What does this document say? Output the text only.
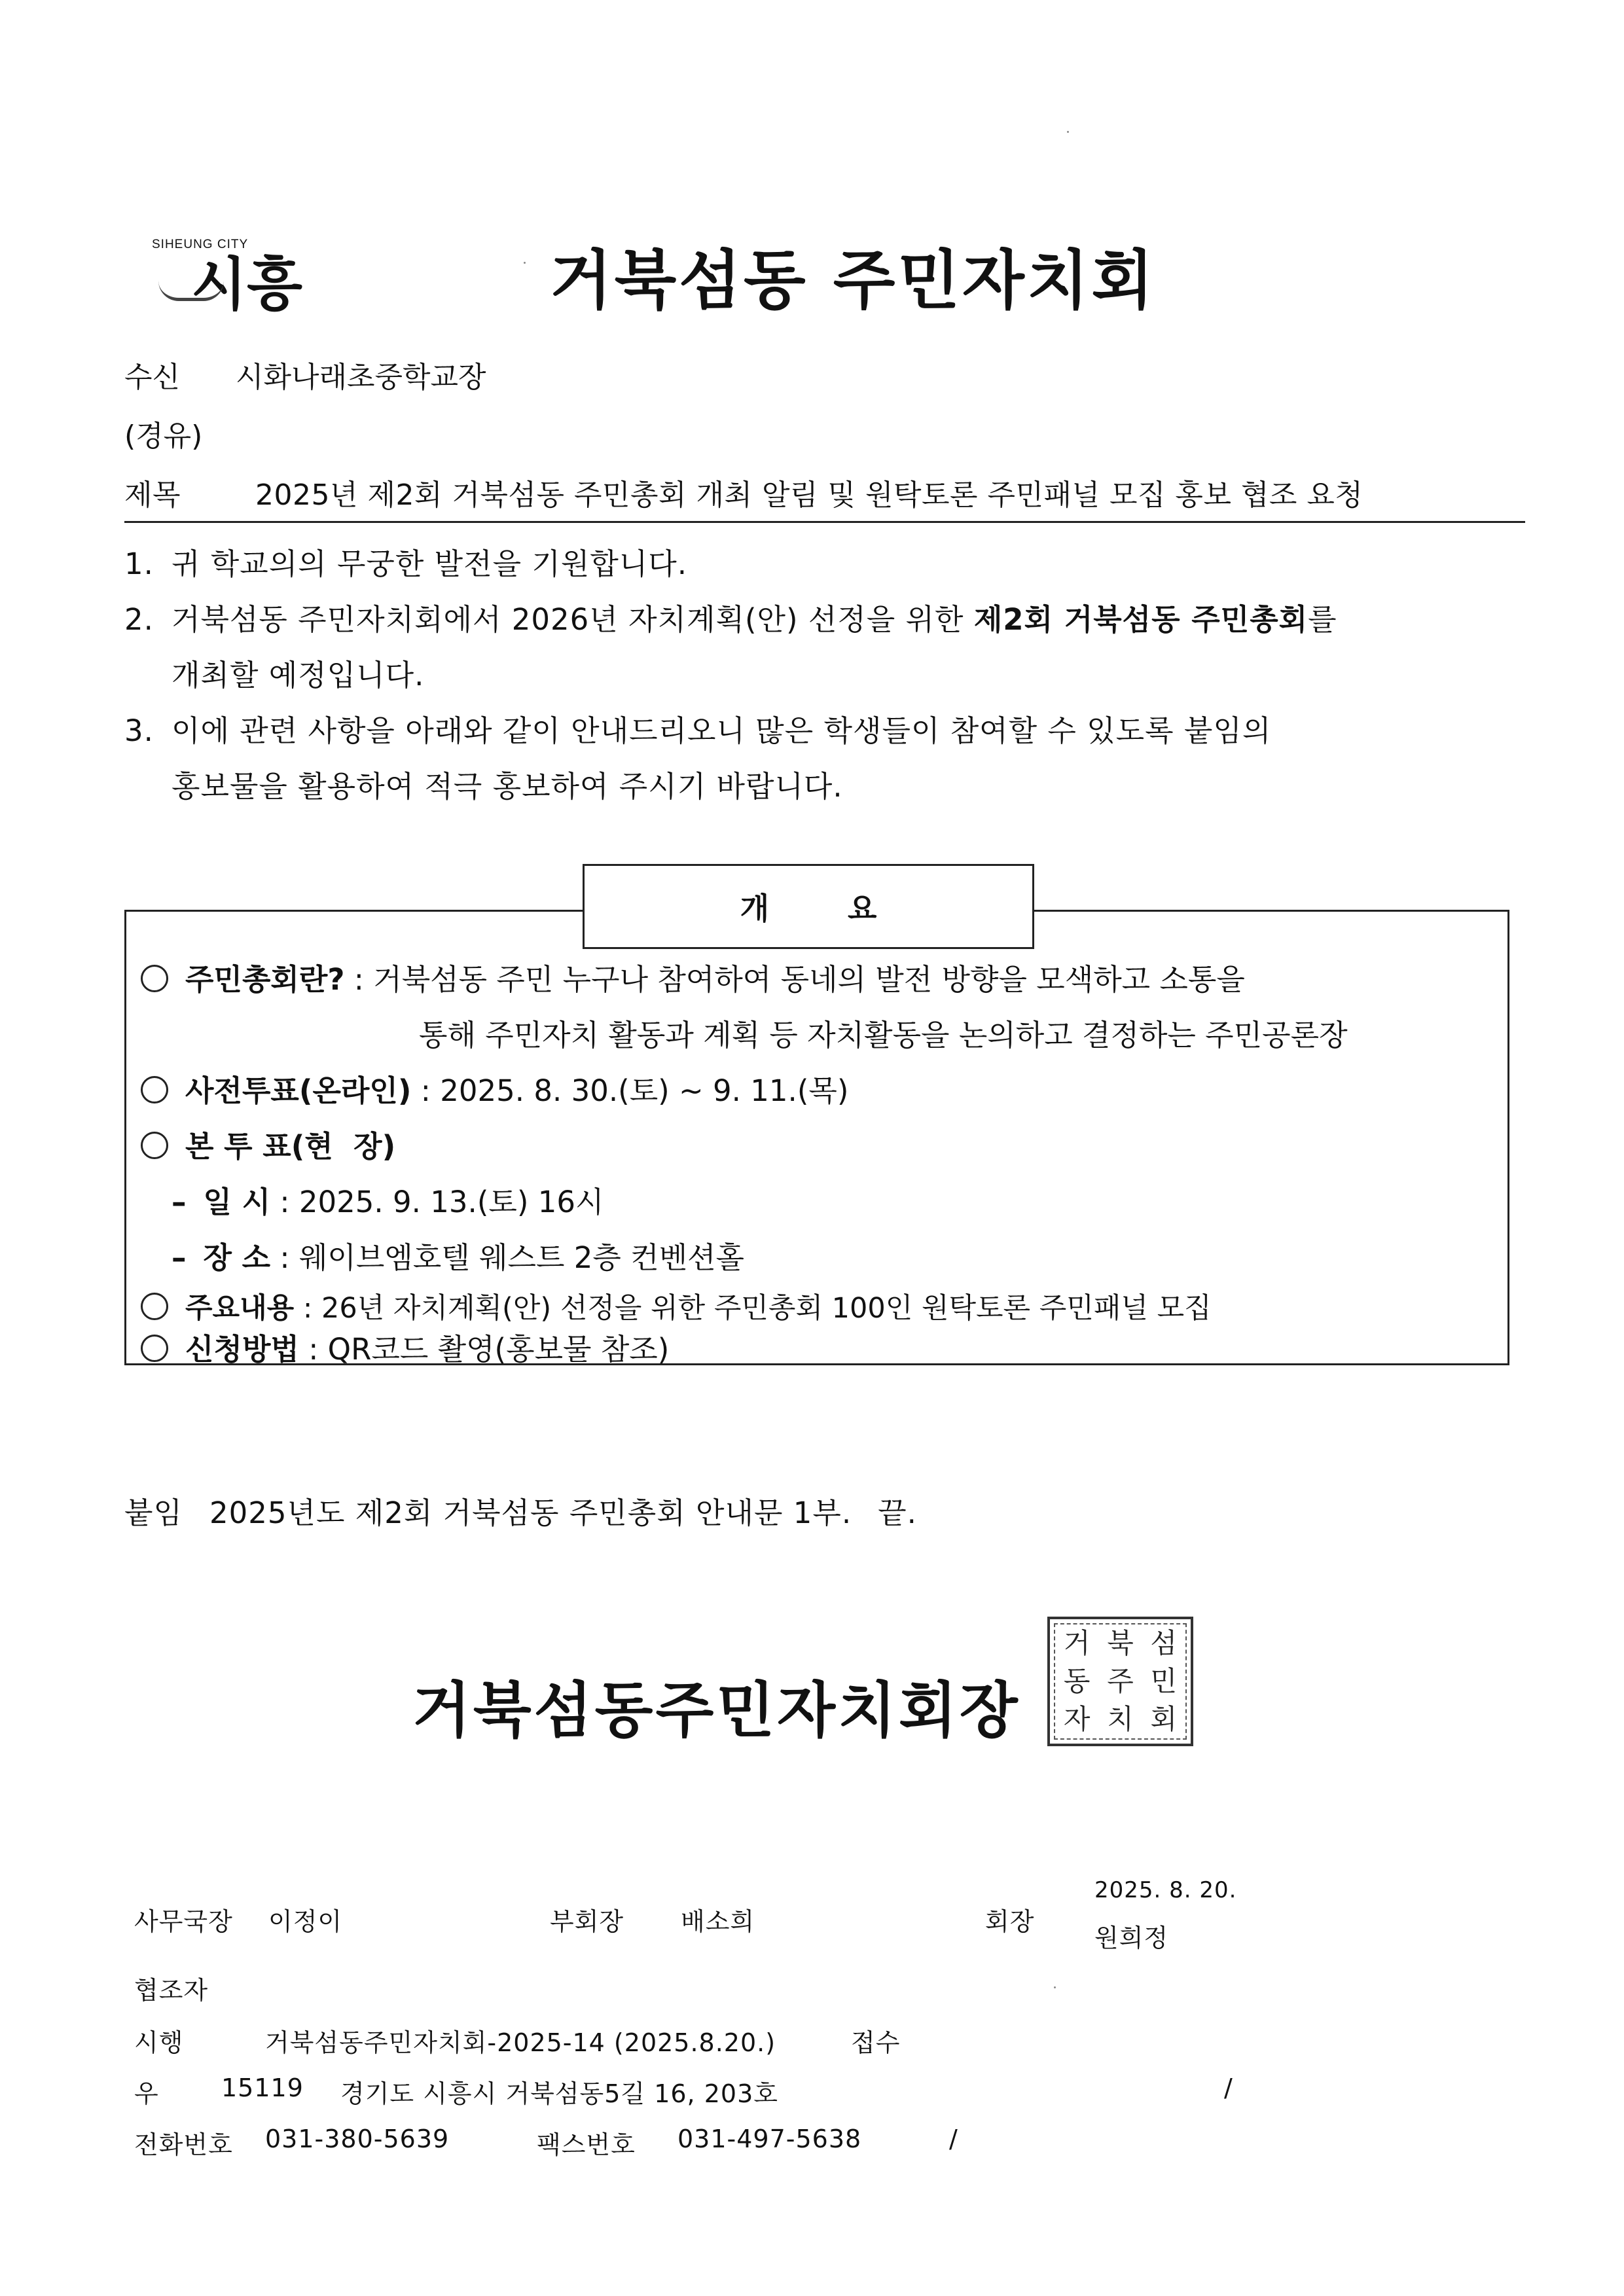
SIHEUNG CITY
시흥	거북섬동 주민자치회
수신 시화나래초중학교장
(경유)
제목	2025년 제2회 거북섬동 주민총회 개최 알림 및 원탁토론 주민패널 모집 홍보 협조 요청
1. 귀 학교의의 무궁한 발전을 기원합니다.
2. 거북섬동 주민자치회에서 2026년 자치계획(안) 선정을 위한 제2회 거북섬동 주민총회를
개최할 예정입니다.
3. 이에 관련 사항을 아래와 같이 안내드리오니 많은 학생들이 참여할 수 있도록 붙임의
홍보물을 활용하여 적극 홍보하여 주시기 바랍니다.
개요
주민총회란? : 거북섬동 주민 누구나 참여하여 동네의 발전 방향을 모색하고 소통을
통해 주민자치 활동과 계획 등 자치활동을 논의하고 결정하는 주민공론장
사전투표(온라인) : 2025. 8. 30.(토) ~ 9. 11.(목)
본 투 표(현  장)
– 일 시 : 2025. 9. 13.(토) 16시
– 장 소 : 웨이브엠호텔 웨스트 2층 컨벤션홀
주요내용 : 26년 자치계획(안) 선정을 위한 주민총회 100인 원탁토론 주민패널 모집
신청방법 : QR코드 촬영(홍보물 참조)
붙임 2025년도 제2회 거북섬동 주민총회 안내문 1부. 끝.
거북섬동주민자치회장
거 북 섬
동 주 민
자 치 회
사무국장 이정이	부회장 배소희	회장
2025. 8. 20.
원희정
협조자
시행	거북섬동주민자치회-2025-14 (2025.8.20.)	접수
우	15119 경기도 시흥시 거북섬동5길 16, 203호	/
전화번호 031-380-5639	팩스번호 031-497-5638	/
